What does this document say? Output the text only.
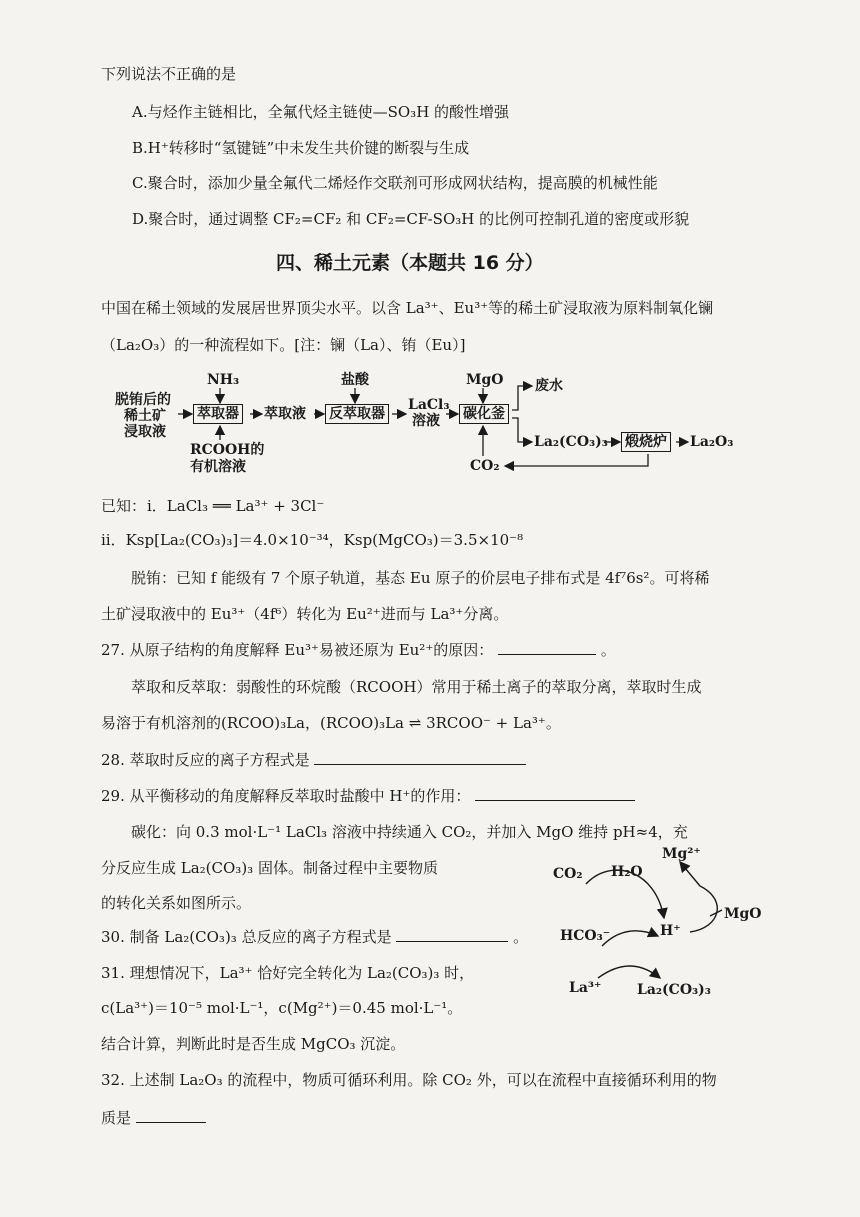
下列说法不正确的是
A.与烃作主链相比，全氟代烃主链使—SO₃H 的酸性增强
B.H⁺转移时“氢键链”中未发生共价键的断裂与生成
C.聚合时，添加少量全氟代二烯烃作交联剂可形成网状结构，提高膜的机械性能
D.聚合时，通过调整 CF₂=CF₂ 和 CF₂=CF-SO₃H 的比例可控制孔道的密度或形貌
四、稀土元素（本题共 16 分）
中国在稀土领域的发展居世界顶尖水平。以含 La³⁺、Eu³⁺等的稀土矿浸取液为原料制氧化镧
（La₂O₃）的一种流程如下。[注：镧（La）、铕（Eu）]
脱铕后的
稀土矿
浸取液
NH₃
萃取器
RCOOH的
有机溶液
萃取液
盐酸
反萃取器
LaCl₃
溶液
MgO
碳化釜
CO₂
废水
La₂(CO₃)₃ 煅烧炉 La₂O₃
已知： ⅰ．LaCl₃ ══ La³⁺ + 3Cl⁻
ⅱ．Ksp[La₂(CO₃)₃]＝4.0×10⁻³⁴，Ksp(MgCO₃)＝3.5×10⁻⁸
脱铕：已知 f 能级有 7 个原子轨道，基态 Eu 原子的价层电子排布式是 4f⁷6s²。可将稀
土矿浸取液中的 Eu³⁺（4f⁶）转化为 Eu²⁺进而与 La³⁺分离。
27. 从原子结构的角度解释 Eu³⁺易被还原为 Eu²⁺的原因：	。
萃取和反萃取：弱酸性的环烷酸（RCOOH）常用于稀土离子的萃取分离，萃取时生成
易溶于有机溶剂的(RCOO)₃La，(RCOO)₃La ⇌ 3RCOO⁻ + La³⁺。
28. 萃取时反应的离子方程式是
29. 从平衡移动的角度解释反萃取时盐酸中 H⁺的作用：
碳化：向 0.3 mol·L⁻¹ LaCl₃ 溶液中持续通入 CO₂，并加入 MgO 维持 pH≈4，充
分反应生成 La₂(CO₃)₃ 固体。制备过程中主要物质
的转化关系如图所示。
30. 制备 La₂(CO₃)₃ 总反应的离子方程式是	。
31. 理想情况下，La³⁺ 恰好完全转化为 La₂(CO₃)₃ 时，
c(La³⁺)＝10⁻⁵ mol·L⁻¹，c(Mg²⁺)＝0.45 mol·L⁻¹。
结合计算，判断此时是否生成 MgCO₃ 沉淀。
32. 上述制 La₂O₃ 的流程中，物质可循环利用。除 CO₂ 外，可以在流程中直接循环利用的物
质是
Mg²⁺
CO₂ H₂O
MgO
HCO₃⁻	H⁺
La³⁺	La₂(CO₃)₃
